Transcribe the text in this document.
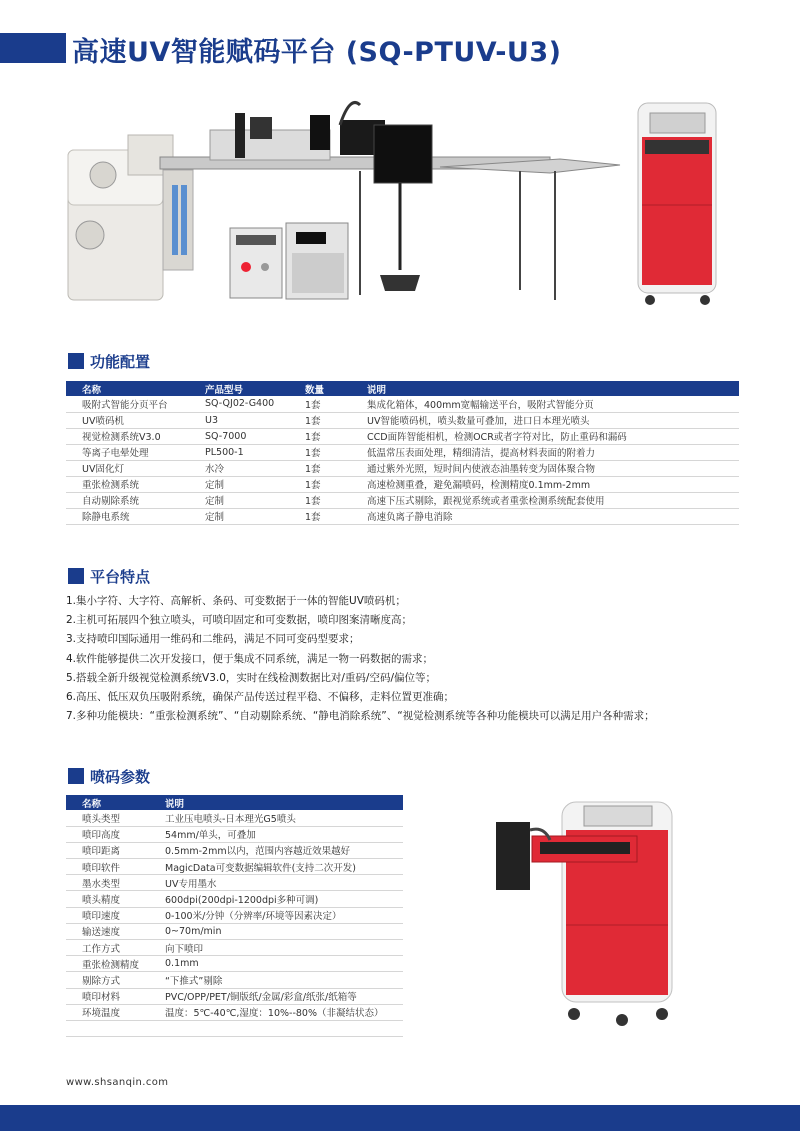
高速UV智能赋码平台 (SQ-PTUV-U3)
功能配置
名称	产品型号	数量	说明
吸附式智能分页平台	SQ-QJ02-G400	1套	集成化箱体，400mm宽幅输送平台，吸附式智能分页
UV喷码机	U3	1套	UV智能喷码机，喷头数量可叠加，进口日本理光喷头
视觉检测系统V3.0	SQ-7000	1套	CCD面阵智能相机，检测OCR或者字符对比，防止重码和漏码
等离子电晕处理	PL500-1	1套	低温常压表面处理，精细清洁，提高材料表面的附着力
UV固化灯	水冷	1套	通过紫外光照，短时间内使液态油墨转变为固体聚合物
重张检测系统	定制	1套	高速检测重叠，避免漏喷码，检测精度0.1mm-2mm
自动剔除系统	定制	1套	高速下压式剔除，跟视觉系统或者重张检测系统配套使用
除静电系统	定制	1套	高速负离子静电消除
平台特点
1.集小字符、大字符、高解析、条码、可变数据于一体的智能UV喷码机；
2.主机可拓展四个独立喷头，可喷印固定和可变数据，喷印图案清晰度高；
3.支持喷印国际通用一维码和二维码，满足不同可变码型要求；
4.软件能够提供二次开发接口，便于集成不同系统，满足一物一码数据的需求；
5.搭载全新升级视觉检测系统V3.0，实时在线检测数据比对/重码/空码/偏位等；
6.高压、低压双负压吸附系统，确保产品传送过程平稳、不偏移，走料位置更准确；
7.多种功能模块：“重张检测系统”、“自动剔除系统、“静电消除系统”、“视觉检测系统等各种功能模块可以满足用户各种需求；
喷码参数
名称	说明
喷头类型	工业压电喷头-日本理光G5喷头
喷印高度	54mm/单头，可叠加
喷印距离	0.5mm-2mm以内，范围内容越近效果越好
喷印软件	MagicData可变数据编辑软件(支持二次开发)
墨水类型	UV专用墨水
喷头精度	600dpi(200dpi-1200dpi多种可调)
喷印速度	0-100米/分钟（分辨率/环境等因素决定）
输送速度	0~70m/min
工作方式	向下喷印
重张检测精度	0.1mm
剔除方式	“下推式”剔除
喷印材料	PVC/OPP/PET/铜版纸/金属/彩盒/纸张/纸箱等
环境温度	温度：5℃-40℃,湿度：10%--80%（非凝结状态）

www.shsanqin.com
